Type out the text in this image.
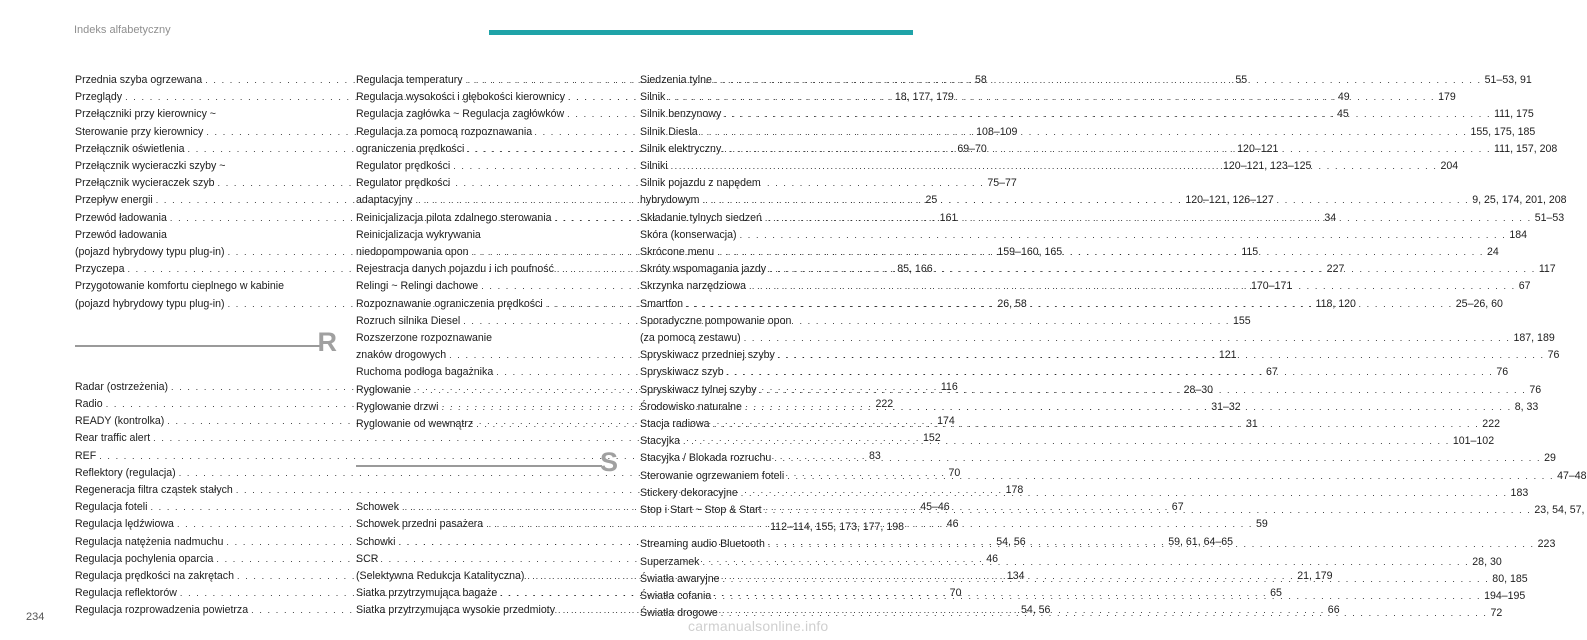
Indeks alfabetyczny
Przednia szyba ogrzewana . . .	58
Przeglądy . . .	18, 177, 179
Przełączniki przy kierownicy ~
Sterowanie przy kierownicy . . .	108–109
Przełącznik oświetlenia . . .	69–70
Przełącznik wycieraczki szyby ~
Przełącznik wycieraczek szyb . . .	75–77
Przepływ energii . . .	25
Przewód ładowania . . .	161
Przewód ładowania
(pojazd hybrydowy typu plug-in) . . .	159–160, 165
Przyczepa . . .	85, 166
Przygotowanie komfortu cieplnego w kabinie
(pojazd hybrydowy typu plug-in) . . .	26, 58
R
Radar (ostrzeżenia) . . .	116
Radio . . .	222
READY (kontrolka) . . .	174
Rear traffic alert . . .	152
REF . . .	83
Reflektory (regulacja) . . .	70
Regeneracja filtra cząstek stałych . . .	178
Regulacja foteli . . .	45–46
Regulacja lędźwiowa . . .	46
Regulacja natężenia nadmuchu . . .	54, 56
Regulacja pochylenia oparcia . . .	46
Regulacja prędkości na zakrętach . . .	134
Regulacja reflektorów . . .	70
Regulacja rozprowadzenia powietrza . . .	54, 56
Regulacja temperatury . . .	55
Regulacja wysokości i głębokości kierownicy . . .	49
Regulacja zagłówka ~ Regulacja zagłówków . . .	45
Regulacja za pomocą rozpoznawania
ograniczenia prędkości . . .	120–121
Regulator prędkości . . .	120–121, 123–125
Regulator prędkości
adaptacyjny . . .	120–121, 126–127
Reinicjalizacja pilota zdalnego sterowania . . .	34
Reinicjalizacja wykrywania
niedopompowania opon . . .	115
Rejestracja danych pojazdu i ich poufność . . .	227
Relingi ~ Relingi dachowe . . .	170–171
Rozpoznawanie ograniczenia prędkości . . .	118, 120
Rozruch silnika Diesel . . .	155
Rozszerzone rozpoznawanie
znaków drogowych . . .	121
Ruchoma podłoga bagażnika . . .	67
Ryglowanie . . .	28–30
Ryglowanie drzwi . . .	31–32
Ryglowanie od wewnątrz . . .	31
S
Schowek . . .	67
Schowek przedni pasażera . . .	59
Schowki . . .	59, 61, 64–65
SCR
(Selektywna Redukcja Katalityczna) . . .	21, 179
Siatka przytrzymująca bagaże . . .	65
Siatka przytrzymująca wysokie przedmioty . . .	66
Siedzenia tylne . . .	51–53, 91
Silnik . . .	179
Silnik benzynowy . . .	111, 175
Silnik Diesla . . .	155, 175, 185
Silnik elektryczny . . .	111, 157, 208
Silniki . . .	204
Silnik pojazdu z napędem
hybrydowym . . .	9, 25, 174, 201, 208
Składanie tylnych siedzeń . . .	51–53
Skóra (konserwacja) . . .	184
Skrócone menu . . .	24
Skróty wspomagania jazdy . . .	117
Skrzynka narzędziowa . . .	67
Smartfon . . .	25–26, 60
Sporadyczne pompowanie opon
(za pomocą zestawu) . . .	187, 189
Spryskiwacz przedniej szyby . . .	76
Spryskiwacz szyb . . .	76
Spryskiwacz tylnej szyby . . .	76
Środowisko naturalne . . .	8, 33
Stacja radiowa . . .	222
Stacyjka . . .	101–102
Stacyjka / Blokada rozruchu . . .	29
Sterowanie ogrzewaniem foteli . . .	47–48
Stickery dekoracyjne . . .	183
Stop i Start ~ Stop & Start . . .	23, 54, 57,
112–114, 155, 173, 177, 198
Streaming audio Bluetooth . . .	223
Superzamek . . .	28, 30
Światła awaryjne . . .	80, 185
Światła cofania . . .	194–195
Światła drogowe . . .	72
234
carmanualsonline.info
